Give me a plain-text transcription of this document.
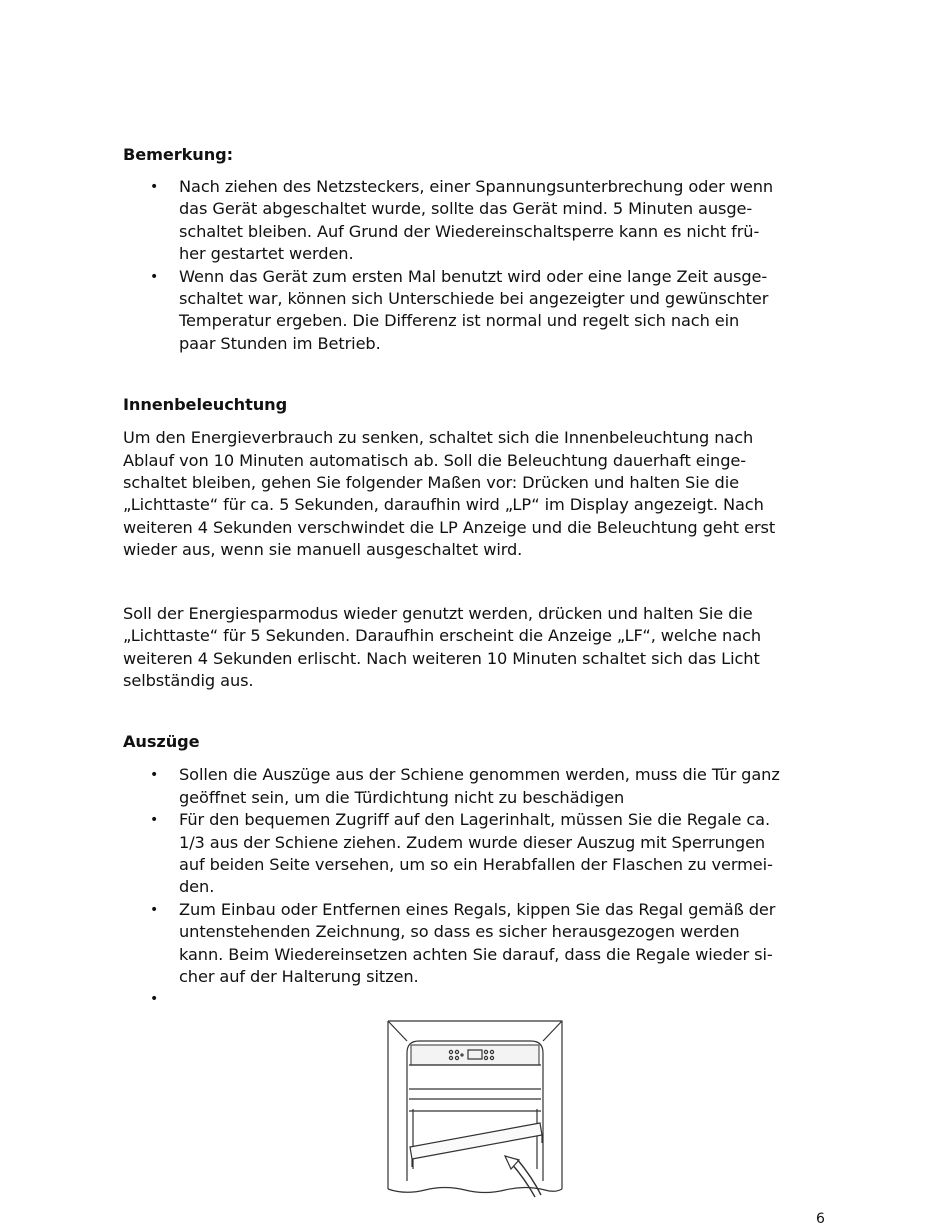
Bemerkung:
• Nach ziehen des Netzsteckers, einer Spannungsunterbrechung oder wenn
das Gerät abgeschaltet wurde, sollte das Gerät mind. 5 Minuten ausge-
schaltet bleiben. Auf Grund der Wiedereinschaltsperre kann es nicht frü-
her gestartet werden.
• Wenn das Gerät zum ersten Mal benutzt wird oder eine lange Zeit ausge-
schaltet war, können sich Unterschiede bei angezeigter und gewünschter
Temperatur ergeben. Die Differenz ist normal und regelt sich nach ein
paar Stunden im Betrieb.
Innenbeleuchtung

Um den Energieverbrauch zu senken, schaltet sich die Innenbeleuchtung nach
Ablauf von 10 Minuten automatisch ab. Soll die Beleuchtung dauerhaft einge-
schaltet bleiben, gehen Sie folgender Maßen vor: Drücken und halten Sie die
„Lichttaste“ für ca. 5 Sekunden, daraufhin wird „LP“ im Display angezeigt. Nach
weiteren 4 Sekunden verschwindet die LP Anzeige und die Beleuchtung geht erst
wieder aus, wenn sie manuell ausgeschaltet wird.

Soll der Energiesparmodus wieder genutzt werden, drücken und halten Sie die
„Lichttaste“ für 5 Sekunden. Daraufhin erscheint die Anzeige „LF“, welche nach
weiteren 4 Sekunden erlischt. Nach weiteren 10 Minuten schaltet sich das Licht
selbständig aus.

Auszüge
• Sollen die Auszüge aus der Schiene genommen werden, muss die Tür ganz
geöffnet sein, um die Türdichtung nicht zu beschädigen
• Für den bequemen Zugriff auf den Lagerinhalt, müssen Sie die Regale ca.
1/3 aus der Schiene ziehen. Zudem wurde dieser Auszug mit Sperrungen
auf beiden Seite versehen, um so ein Herabfallen der Flaschen zu vermei-
den.
• Zum Einbau oder Entfernen eines Regals, kippen Sie das Regal gemäß der
untenstehenden Zeichnung, so dass es sicher herausgezogen werden
kann. Beim Wiedereinsetzen achten Sie darauf, dass die Regale wieder si-
cher auf der Halterung sitzen.
•

6
